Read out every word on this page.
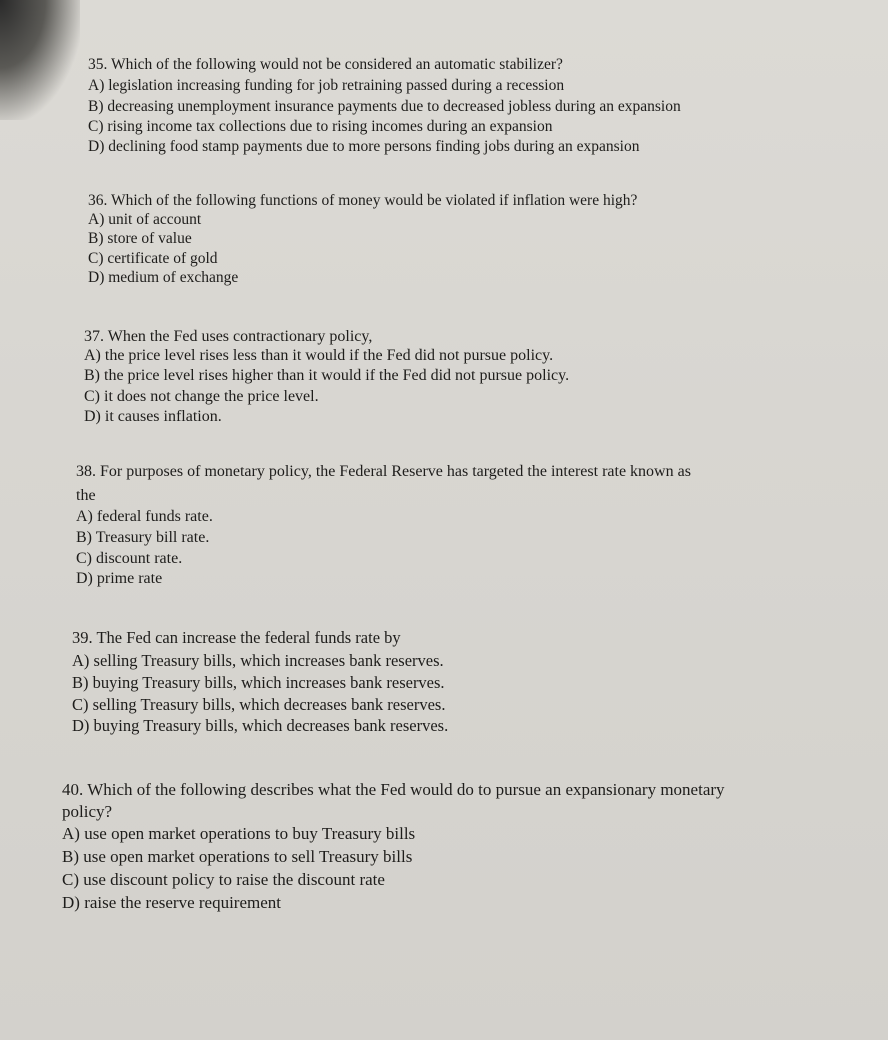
35. Which of the following would not be considered an automatic stabilizer?
A) legislation increasing funding for job retraining passed during a recession
B) decreasing unemployment insurance payments due to decreased jobless during an expansion
C) rising income tax collections due to rising incomes during an expansion
D) declining food stamp payments due to more persons finding jobs during an expansion
36. Which of the following functions of money would be violated if inflation were high?
A) unit of account
B) store of value
C) certificate of gold
D) medium of exchange
37. When the Fed uses contractionary policy,
A) the price level rises less than it would if the Fed did not pursue policy.
B) the price level rises higher than it would if the Fed did not pursue policy.
C) it does not change the price level.
D) it causes inflation.
38. For purposes of monetary policy, the Federal Reserve has targeted the interest rate known as
the
A) federal funds rate.
B) Treasury bill rate.
C) discount rate.
D) prime rate
39. The Fed can increase the federal funds rate by
A) selling Treasury bills, which increases bank reserves.
B) buying Treasury bills, which increases bank reserves.
C) selling Treasury bills, which decreases bank reserves.
D) buying Treasury bills, which decreases bank reserves.
40. Which of the following describes what the Fed would do to pursue an expansionary monetary
policy?
A) use open market operations to buy Treasury bills
B) use open market operations to sell Treasury bills
C) use discount policy to raise the discount rate
D) raise the reserve requirement
